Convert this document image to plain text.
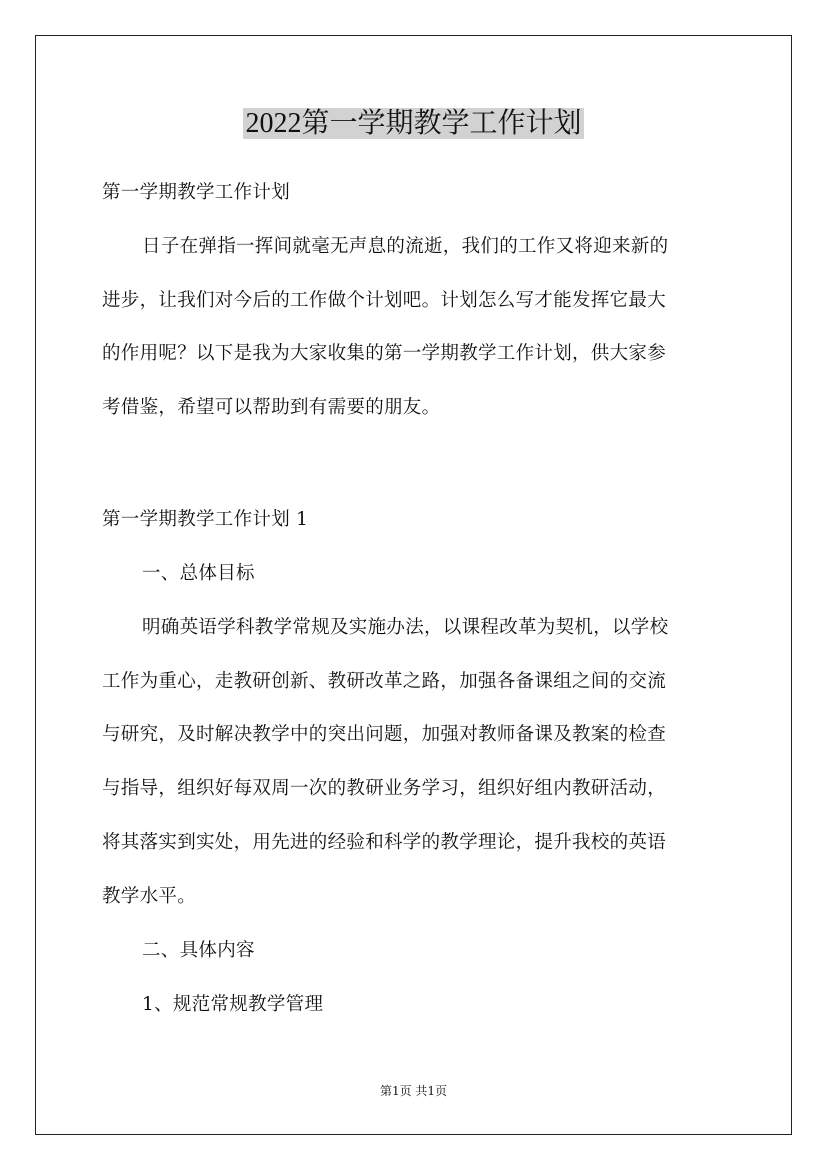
2022第一学期教学工作计划
第一学期教学工作计划
日子在弹指一挥间就毫无声息的流逝，我们的工作又将迎来新的
进步，让我们对今后的工作做个计划吧。计划怎么写才能发挥它最大
的作用呢？以下是我为大家收集的第一学期教学工作计划，供大家参
考借鉴，希望可以帮助到有需要的朋友。
第一学期教学工作计划 1
一、总体目标
明确英语学科教学常规及实施办法，以课程改革为契机，以学校
工作为重心，走教研创新、教研改革之路，加强各备课组之间的交流
与研究，及时解决教学中的突出问题，加强对教师备课及教案的检查
与指导，组织好每双周一次的教研业务学习，组织好组内教研活动，
将其落实到实处，用先进的经验和科学的教学理论，提升我校的英语
教学水平。
二、具体内容
1、规范常规教学管理
第1页 共1页
